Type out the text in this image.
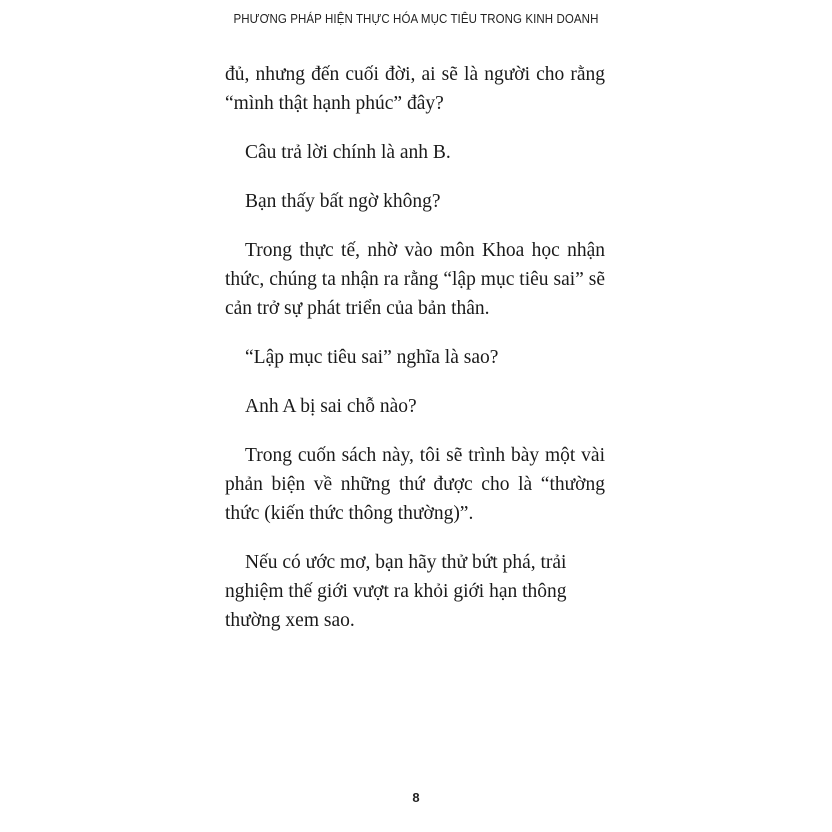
PHƯƠNG PHÁP HIỆN THỰC HÓA MỤC TIÊU TRONG KINH DOANH

đủ, nhưng đến cuối đời, ai sẽ là người cho rằng “mình thật hạnh phúc” đây?

Câu trả lời chính là anh B.

Bạn thấy bất ngờ không?

Trong thực tế, nhờ vào môn Khoa học nhận thức, chúng ta nhận ra rằng “lập mục tiêu sai” sẽ cản trở sự phát triển của bản thân.

“Lập mục tiêu sai” nghĩa là sao?

Anh A bị sai chỗ nào?

Trong cuốn sách này, tôi sẽ trình bày một vài phản biện về những thứ được cho là “thường thức (kiến thức thông thường)”.

Nếu có ước mơ, bạn hãy thử bứt phá, trải nghiệm thế giới vượt ra khỏi giới hạn thông thường xem sao.

8
